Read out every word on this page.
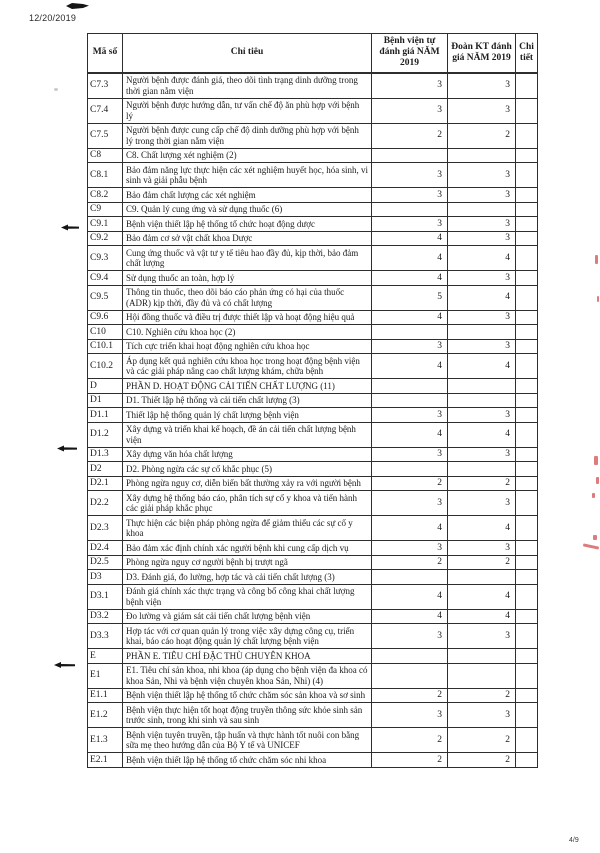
12/20/2019
Mã số	Chỉ tiêu	Bệnh viện tự đánh giá NĂM 2019	Đoàn KT đánh giá NĂM 2019	Chi tiết
C7.3	Người bệnh được đánh giá, theo dõi tình trạng dinh dưỡng trong thời gian nằm viện	3	3	
C7.4	Người bệnh được hướng dẫn, tư vấn chế độ ăn phù hợp với bệnh lý	3	3	
C7.5	Người bệnh được cung cấp chế độ dinh dưỡng phù hợp với bệnh lý trong thời gian nằm viện	2	2	
C8	C8. Chất lượng xét nghiệm (2)			
C8.1	Bảo đảm năng lực thực hiện các xét nghiệm huyết học, hóa sinh, vi sinh và giải phẫu bệnh	3	3	
C8.2	Bảo đảm chất lượng các xét nghiệm	3	3	
C9	C9. Quản lý cung ứng và sử dụng thuốc (6)			
C9.1	Bệnh viện thiết lập hệ thống tổ chức hoạt động dược	3	3	
C9.2	Bảo đảm cơ sở vật chất khoa Dược	4	3	
C9.3	Cung ứng thuốc và vật tư y tế tiêu hao đầy đủ, kịp thời, bảo đảm chất lượng	4	4	
C9.4	Sử dụng thuốc an toàn, hợp lý	4	3	
C9.5	Thông tin thuốc, theo dõi báo cáo phản ứng có hại của thuốc (ADR) kịp thời, đầy đủ và có chất lượng	5	4	
C9.6	Hội đồng thuốc và điều trị được thiết lập và hoạt động hiệu quả	4	3	
C10	C10. Nghiên cứu khoa học (2)			
C10.1	Tích cực triển khai hoạt động nghiên cứu khoa học	3	3	
C10.2	Áp dụng kết quả nghiên cứu khoa học trong hoạt động bệnh viện và các giải pháp nâng cao chất lượng khám, chữa bệnh	4	4	
D	PHẦN D. HOẠT ĐỘNG CẢI TIẾN CHẤT LƯỢNG (11)			
D1	D1. Thiết lập hệ thống và cải tiến chất lượng (3)			
D1.1	Thiết lập hệ thống quản lý chất lượng bệnh viện	3	3	
D1.2	Xây dựng và triển khai kế hoạch, đề án cải tiến chất lượng bệnh viện	4	4	
D1.3	Xây dựng văn hóa chất lượng	3	3	
D2	D2. Phòng ngừa các sự cố khắc phục (5)			
D2.1	Phòng ngừa nguy cơ, diễn biến bất thường xảy ra với người bệnh	2	2	
D2.2	Xây dựng hệ thống báo cáo, phân tích sự cố y khoa và tiến hành các giải pháp khắc phục	3	3	
D2.3	Thực hiện các biện pháp phòng ngừa để giảm thiểu các sự cố y khoa	4	4	
D2.4	Bảo đảm xác định chính xác người bệnh khi cung cấp dịch vụ	3	3	
D2.5	Phòng ngừa nguy cơ người bệnh bị trượt ngã	2	2	
D3	D3. Đánh giá, đo lường, hợp tác và cải tiến chất lượng (3)			
D3.1	Đánh giá chính xác thực trạng và công bố công khai chất lượng bệnh viện	4	4	
D3.2	Đo lường và giám sát cải tiến chất lượng bệnh viện	4	4	
D3.3	Hợp tác với cơ quan quản lý trong việc xây dựng công cụ, triển khai, báo cáo hoạt động quản lý chất lượng bệnh viện	3	3	
E	PHẦN E. TIÊU CHÍ ĐẶC THÙ CHUYÊN KHOA			
E1	E1. Tiêu chí sản khoa, nhi khoa (áp dụng cho bệnh viện đa khoa có khoa Sản, Nhi và bệnh viện chuyên khoa Sản, Nhi) (4)			
E1.1	Bệnh viện thiết lập hệ thống tổ chức chăm sóc sản khoa và sơ sinh	2	2	
E1.2	Bệnh viện thực hiện tốt hoạt động truyền thông sức khỏe sinh sản trước sinh, trong khi sinh và sau sinh	3	3	
E1.3	Bệnh viện tuyên truyền, tập huấn và thực hành tốt nuôi con bằng sữa mẹ theo hướng dẫn của Bộ Y tế và UNICEF	2	2	
E2.1	Bệnh viện thiết lập hệ thống tổ chức chăm sóc nhi khoa	2	2	
4/9
